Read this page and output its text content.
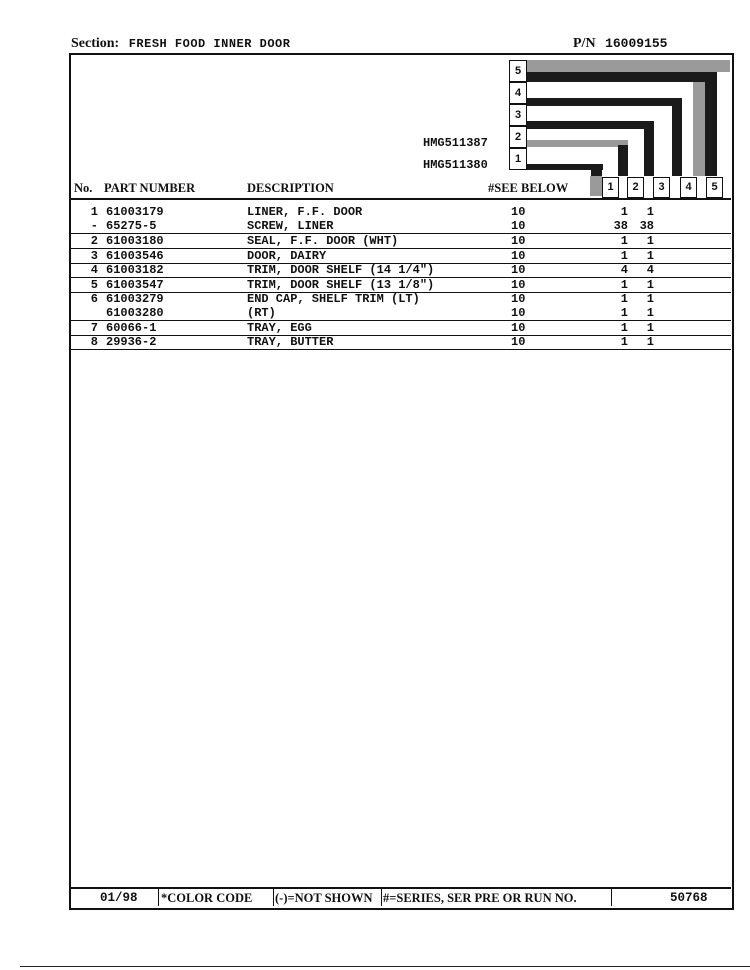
Section: FRESH FOOD INNER DOOR	P/N 16009155
5
4
3
2
1
HMG511387
HMG511380
1	2	3	4	5
No. PART NUMBER	DESCRIPTION	#SEE BELOW
1 61003179	LINER, F.F. DOOR	10	1	1
- 65275-5	SCREW, LINER	10	38 38
2 61003180	SEAL, F.F. DOOR (WHT)	10	1	1
3 61003546	DOOR, DAIRY	10	1	1
4 61003182	TRIM, DOOR SHELF (14 1/4")	10	4	4
5 61003547	TRIM, DOOR SHELF (13 1/8")	10	1	1
6 61003279	END CAP, SHELF TRIM (LT)	10	1	1
61003280	(RT)	10	1	1
7 60066-1	TRAY, EGG	10	1	1
8 29936-2	TRAY, BUTTER	10	1	1
01/98 *COLOR CODE (-)=NOT SHOWN #=SERIES, SER PRE OR RUN NO.	50768
